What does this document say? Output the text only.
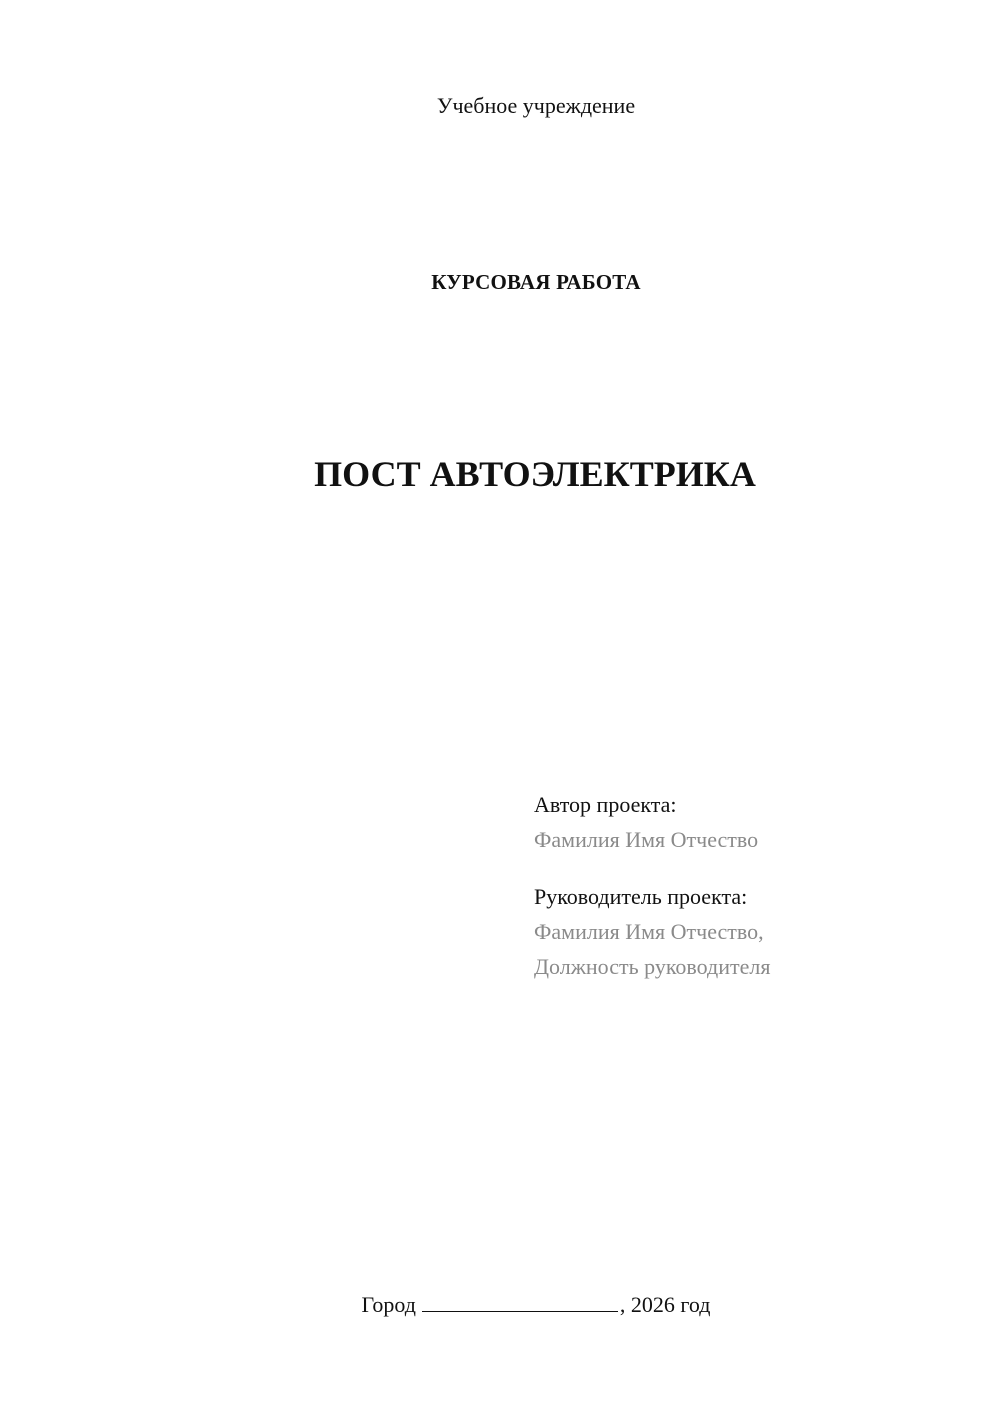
Учебное учреждение
КУРСОВАЯ РАБОТА
ПОСТ АВТОЭЛЕКТРИКА
Автор проекта:
Фамилия Имя Отчество
Руководитель проекта:
Фамилия Имя Отчество,
Должность руководителя
Город	, 2026 год
